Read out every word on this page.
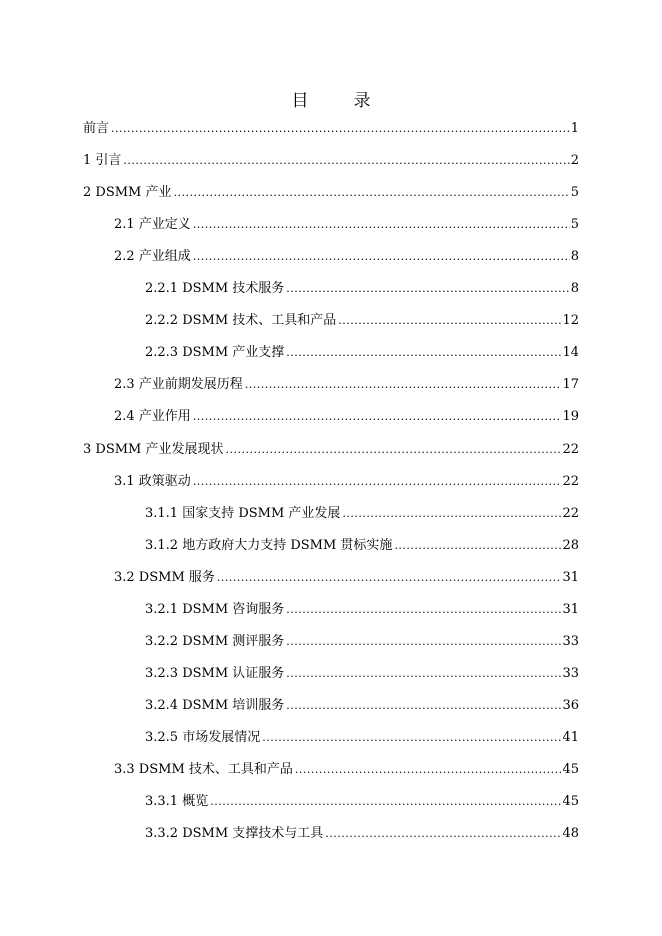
目　录
前言 .....	1
1 引言 .....	2
2 DSMM 产业 .....	5
2.1 产业定义 .....	5
2.2 产业组成 .....	8
2.2.1 DSMM 技术服务 .....	8
2.2.2 DSMM 技术、工具和产品 .....	12
2.2.3 DSMM 产业支撑 .....	14
2.3 产业前期发展历程 .....	17
2.4 产业作用 .....	19
3 DSMM 产业发展现状 .....	22
3.1 政策驱动 .....	22
3.1.1 国家支持 DSMM 产业发展 .....	22
3.1.2 地方政府大力支持 DSMM 贯标实施 .....	28
3.2 DSMM 服务 .....	31
3.2.1 DSMM 咨询服务 .....	31
3.2.2 DSMM 测评服务 .....	33
3.2.3 DSMM 认证服务 .....	33
3.2.4 DSMM 培训服务 .....	36
3.2.5 市场发展情况 .....	41
3.3 DSMM 技术、工具和产品 .....	45
3.3.1 概览 .....	45
3.3.2 DSMM 支撑技术与工具 .....	48
